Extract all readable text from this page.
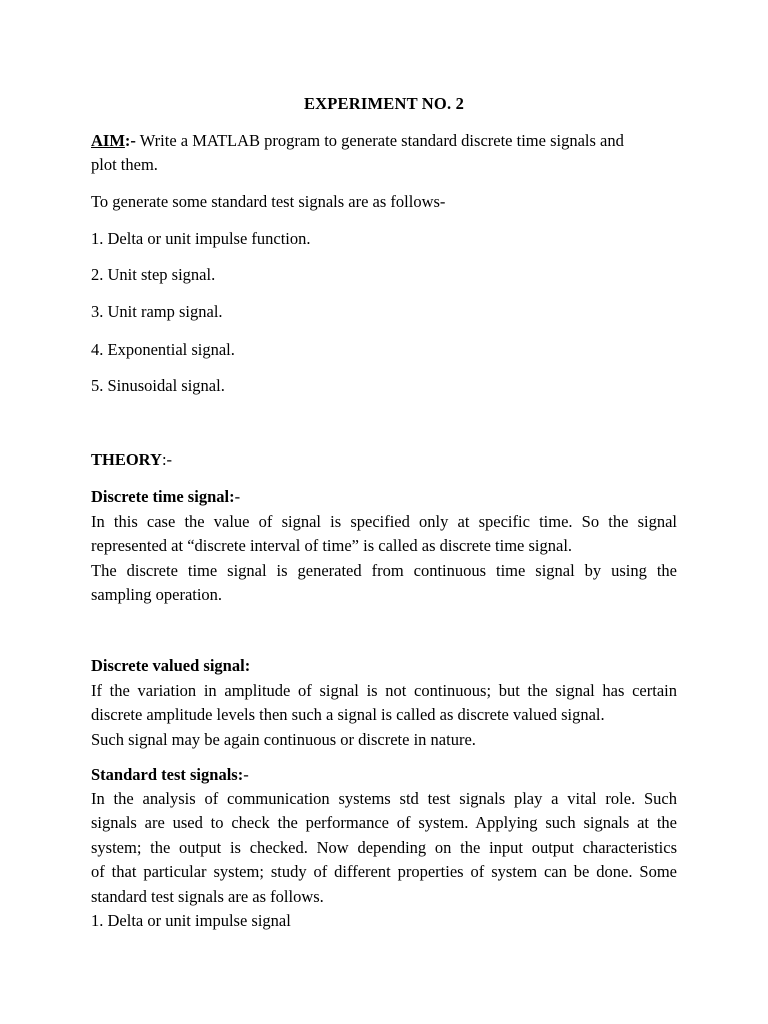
EXPERIMENT NO. 2
AIM:- Write a MATLAB program to generate standard discrete time signals and
plot them.
To generate some standard test signals are as follows-
1. Delta or unit impulse function.
2. Unit step signal.
3. Unit ramp signal.
4. Exponential signal.
5. Sinusoidal signal.
THEORY:-
Discrete time signal:-
In this case the value of signal is specified only at specific time. So the signal
represented at “discrete interval of time” is called as discrete time signal.
The discrete time signal is generated from continuous time signal by using the
sampling operation.
Discrete valued signal:
If the variation in amplitude of signal is not continuous; but the signal has certain
discrete amplitude levels then such a signal is called as discrete valued signal.
Such signal may be again continuous or discrete in nature.
Standard test signals:-
In the analysis of communication systems std test signals play a vital role. Such
signals are used to check the performance of system. Applying such signals at the
system; the output is checked. Now depending on the input output characteristics
of that particular system; study of different properties of system can be done. Some
standard test signals are as follows.
1. Delta or unit impulse signal
